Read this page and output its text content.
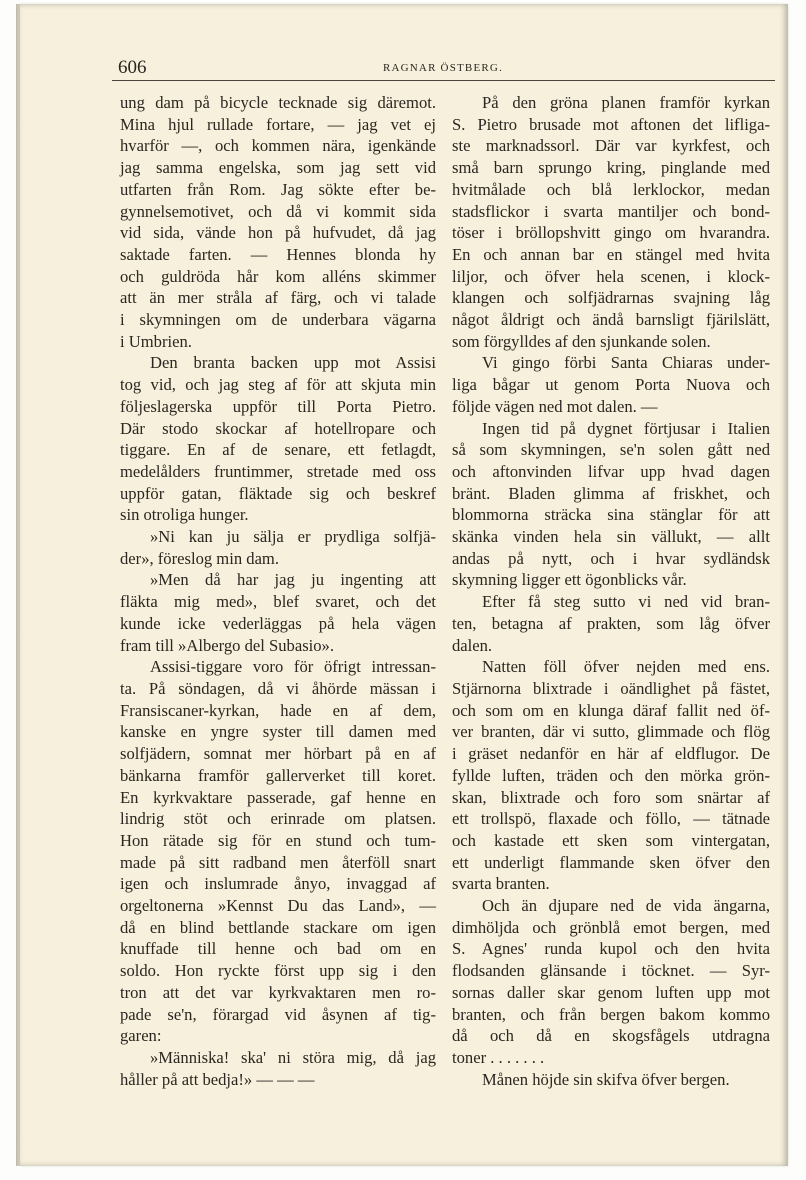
606	RAGNAR ÖSTBERG.
ung dam på bicycle tecknade sig däremot.
Mina hjul rullade fortare, — jag vet ej
hvarför —, och kommen nära, igenkände
jag samma engelska, som jag sett vid
utfarten från Rom. Jag sökte efter be-
gynnelsemotivet, och då vi kommit sida
vid sida, vände hon på hufvudet, då jag
saktade farten. — Hennes blonda hy
och guldröda hår kom alléns skimmer
att än mer stråla af färg, och vi talade
i skymningen om de underbara vägarna
i Umbrien.
Den branta backen upp mot Assisi
tog vid, och jag steg af för att skjuta min
följeslagerska uppför till Porta Pietro.
Där stodo skockar af hotellropare och
tiggare. En af de senare, ett fetlagdt,
medelålders fruntimmer, stretade med oss
uppför gatan, fläktade sig och beskref
sin otroliga hunger.
»Ni kan ju sälja er prydliga solfjä-
der», föreslog min dam.
»Men då har jag ju ingenting att
fläkta mig med», blef svaret, och det
kunde icke vederläggas på hela vägen
fram till »Albergo del Subasio».
Assisi-tiggare voro för öfrigt intressan-
ta. På söndagen, då vi åhörde mässan i
Fransiscaner-kyrkan, hade en af dem,
kanske en yngre syster till damen med
solfjädern, somnat mer hörbart på en af
bänkarna framför gallerverket till koret.
En kyrkvaktare passerade, gaf henne en
lindrig stöt och erinrade om platsen.
Hon rätade sig för en stund och tum-
made på sitt radband men återföll snart
igen och inslumrade ånyo, invaggad af
orgeltonerna »Kennst Du das Land», —
då en blind bettlande stackare om igen
knuffade till henne och bad om en
soldo. Hon ryckte först upp sig i den
tron att det var kyrkvaktaren men ro-
pade se'n, förargad vid åsynen af tig-
garen:
»Människa! ska' ni störa mig, då jag
håller på att bedja!» — — —
På den gröna planen framför kyrkan
S. Pietro brusade mot aftonen det lifliga-
ste marknadssorl. Där var kyrkfest, och
små barn sprungo kring, pinglande med
hvitmålade och blå lerklockor, medan
stadsflickor i svarta mantiljer och bond-
töser i bröllopshvitt gingo om hvarandra.
En och annan bar en stängel med hvita
liljor, och öfver hela scenen, i klock-
klangen och solfjädrarnas svajning låg
något åldrigt och ändå barnsligt fjärilslätt,
som förgylldes af den sjunkande solen.
Vi gingo förbi Santa Chiaras under-
liga bågar ut genom Porta Nuova och
följde vägen ned mot dalen. —
Ingen tid på dygnet förtjusar i Italien
så som skymningen, se'n solen gått ned
och aftonvinden lifvar upp hvad dagen
bränt. Bladen glimma af friskhet, och
blommorna sträcka sina stänglar för att
skänka vinden hela sin vällukt, — allt
andas på nytt, och i hvar sydländsk
skymning ligger ett ögonblicks vår.
Efter få steg sutto vi ned vid bran-
ten, betagna af prakten, som låg öfver
dalen.
Natten föll öfver nejden med ens.
Stjärnorna blixtrade i oändlighet på fästet,
och som om en klunga däraf fallit ned öf-
ver branten, där vi sutto, glimmade och flög
i gräset nedanför en här af eldflugor. De
fyllde luften, träden och den mörka grön-
skan, blixtrade och foro som snärtar af
ett trollspö, flaxade och föllo, — tätnade
och kastade ett sken som vintergatan,
ett underligt flammande sken öfver den
svarta branten.
Och än djupare ned de vida ängarna,
dimhöljda och grönblå emot bergen, med
S. Agnes' runda kupol och den hvita
flodsanden glänsande i töcknet. — Syr-
sornas daller skar genom luften upp mot
branten, och från bergen bakom kommo
då och då en skogsfågels utdragna
toner . . . . . . .
Månen höjde sin skifva öfver bergen.
